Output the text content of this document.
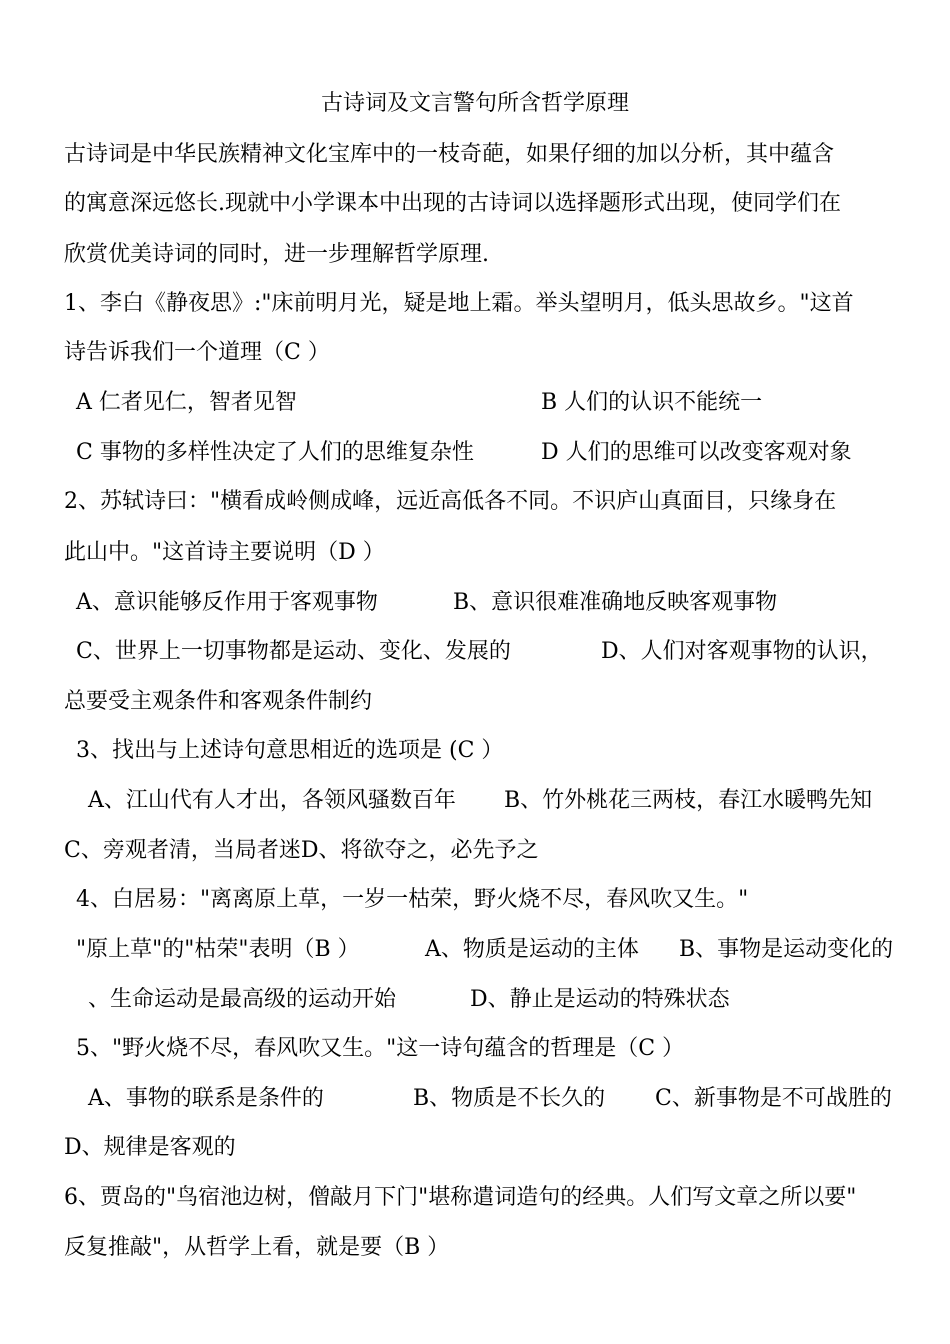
古诗词及文言警句所含哲学原理
古诗词是中华民族精神文化宝库中的一枝奇葩，如果仔细的加以分析，其中蕴含
的寓意深远悠长.现就中小学课本中出现的古诗词以选择题形式出现，使同学们在
欣赏优美诗词的同时，进一步理解哲学原理.
1、李白《静夜思》:"床前明月光，疑是地上霜。举头望明月，低头思故乡。"这首
诗告诉我们一个道理（C ）
A 仁者见仁，智者见智	B 人们的认识不能统一
C 事物的多样性决定了人们的思维复杂性	D 人们的思维可以改变客观对象
2、苏轼诗曰："横看成岭侧成峰，远近高低各不同。不识庐山真面目，只缘身在
此山中。"这首诗主要说明（D ）
A、意识能够反作用于客观事物	B、意识很难准确地反映客观事物
C、世界上一切事物都是运动、变化、发展的	D、人们对客观事物的认识，
总要受主观条件和客观条件制约
3、找出与上述诗句意思相近的选项是 (C ）
A、江山代有人才出，各领风骚数百年 B、竹外桃花三两枝，春江水暖鸭先知
C、旁观者清，当局者迷D、将欲夺之，必先予之
4、白居易："离离原上草，一岁一枯荣，野火烧不尽，春风吹又生。"
"原上草"的"枯荣"表明（B ）	A、物质是运动的主体 B、事物是运动变化的
、生命运动是最高级的运动开始	D、静止是运动的特殊状态
5、"野火烧不尽，春风吹又生。"这一诗句蕴含的哲理是（C ）
A、事物的联系是条件的	B、物质是不长久的 C、新事物是不可战胜的
D、规律是客观的
6、贾岛的"鸟宿池边树，僧敲月下门"堪称遣词造句的经典。人们写文章之所以要"
反复推敲"，从哲学上看，就是要（B ）
